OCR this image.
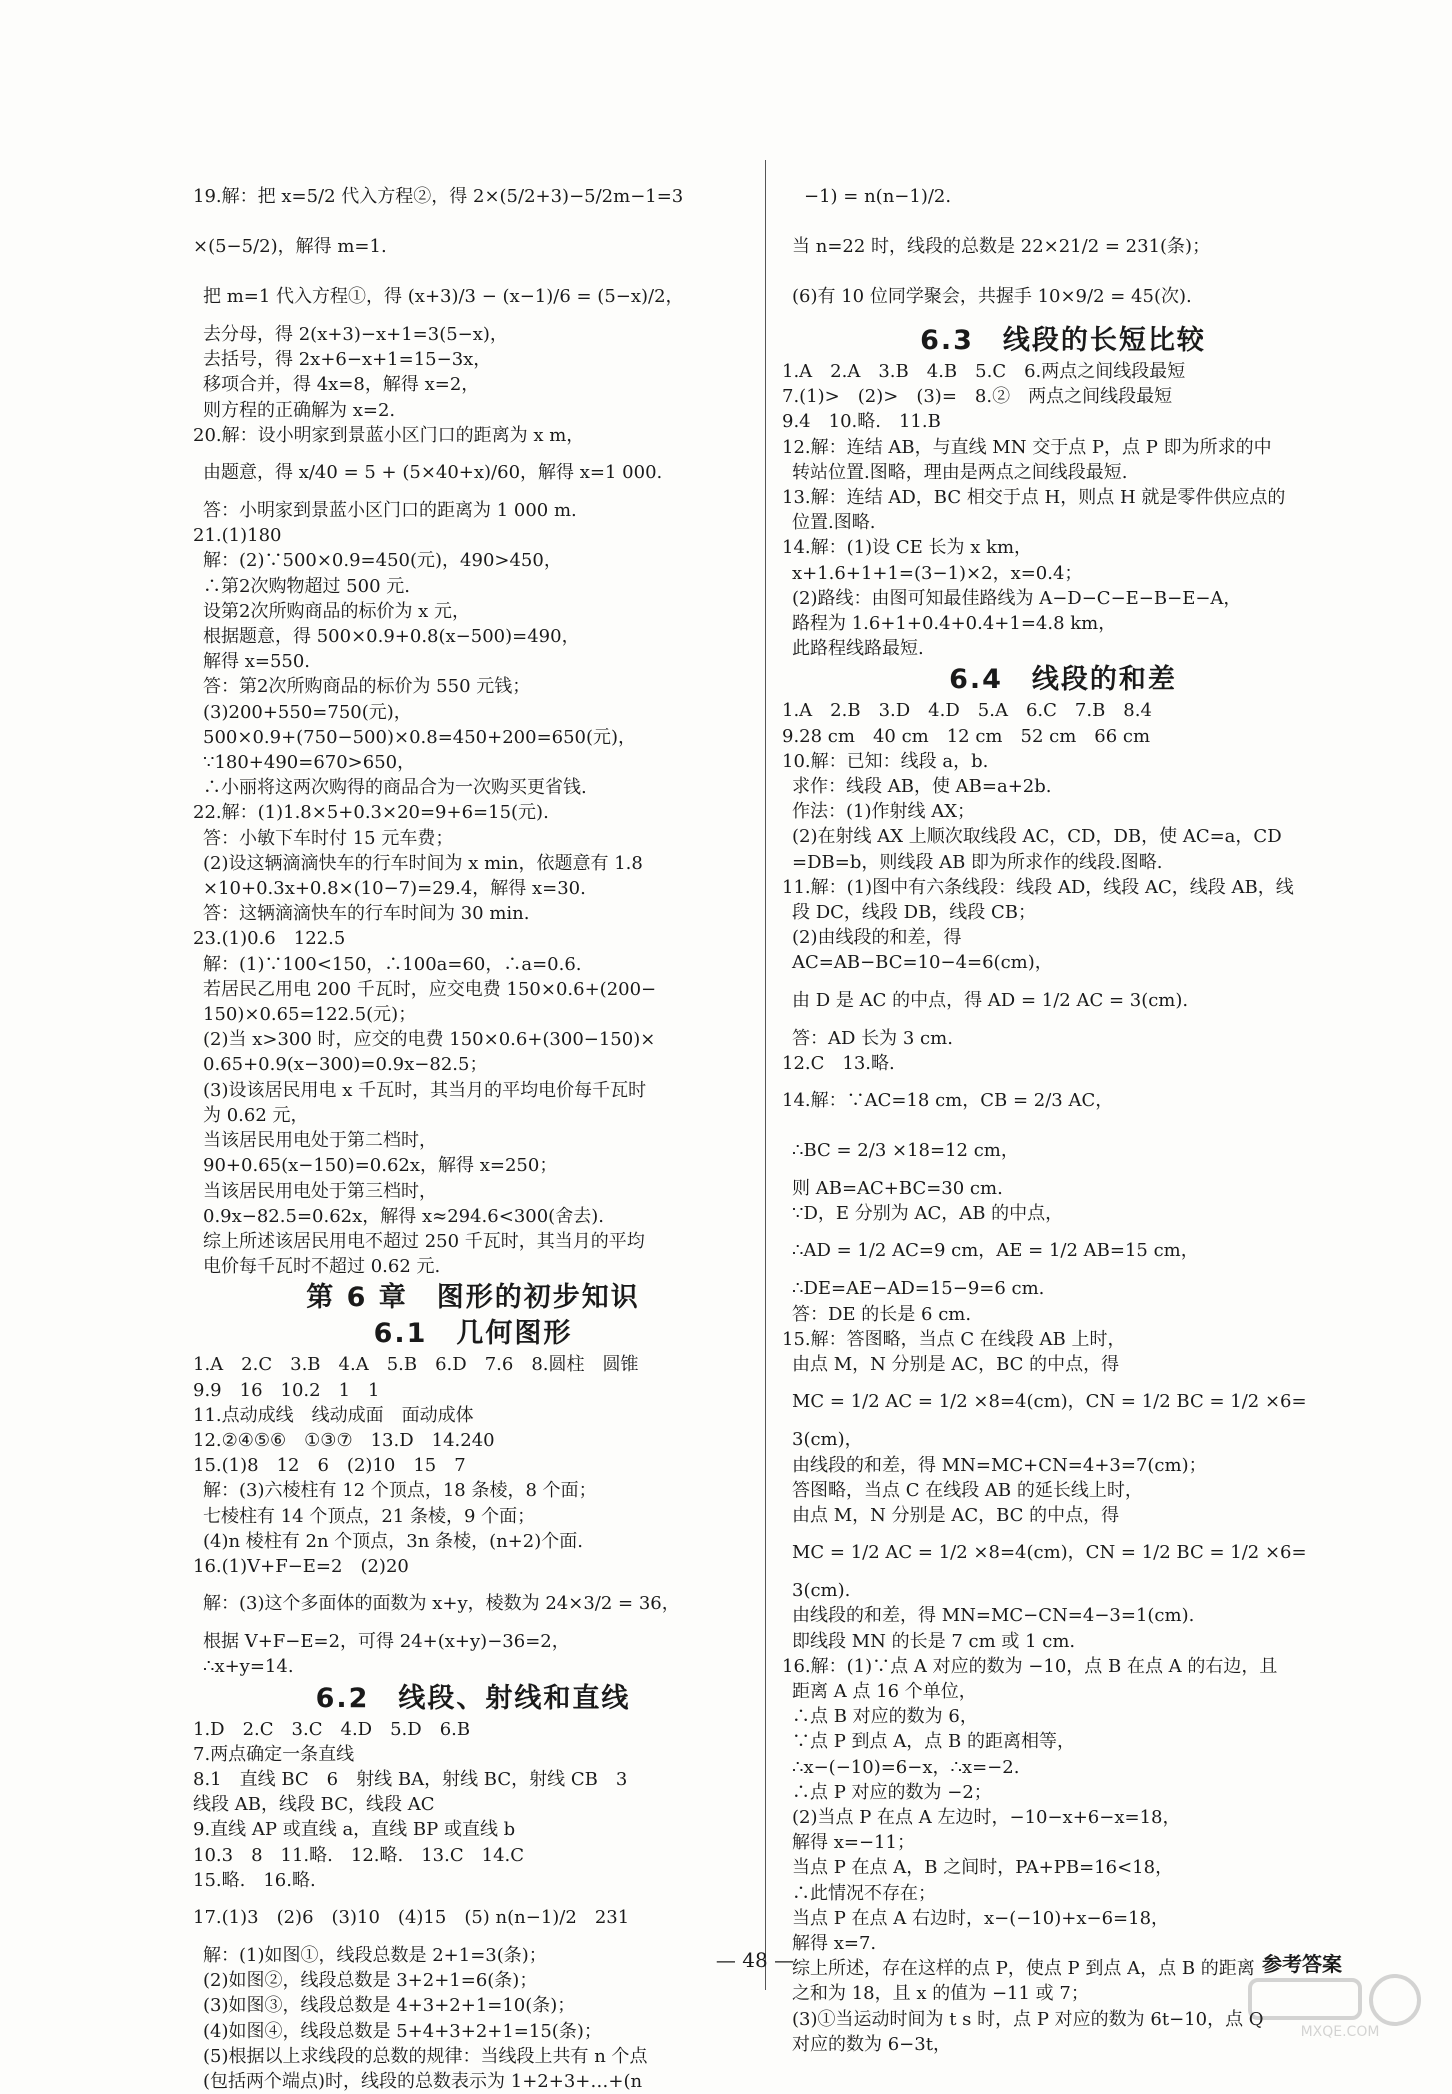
19.解：把 x=5/2 代入方程②，得 2×(5/2+3)−5/2m−1=3
×(5−5/2)，解得 m=1.
把 m=1 代入方程①，得 (x+3)/3 − (x−1)/6 = (5−x)/2，
去分母，得 2(x+3)−x+1=3(5−x)，
去括号，得 2x+6−x+1=15−3x，
移项合并，得 4x=8，解得 x=2，
则方程的正确解为 x=2.
20.解：设小明家到景蓝小区门口的距离为 x m，
由题意，得 x/40 = 5 + (5×40+x)/60，解得 x=1 000.
答：小明家到景蓝小区门口的距离为 1 000 m.
21.(1)180
解：(2)∵500×0.9=450(元)，490>450，
∴第2次购物超过 500 元.
设第2次所购商品的标价为 x 元，
根据题意，得 500×0.9+0.8(x−500)=490，
解得 x=550.
答：第2次所购商品的标价为 550 元钱；
(3)200+550=750(元)，
500×0.9+(750−500)×0.8=450+200=650(元)，
∵180+490=670>650，
∴小丽将这两次购得的商品合为一次购买更省钱.
22.解：(1)1.8×5+0.3×20=9+6=15(元).
答：小敏下车时付 15 元车费；
(2)设这辆滴滴快车的行车时间为 x min，依题意有 1.8
×10+0.3x+0.8×(10−7)=29.4，解得 x=30.
答：这辆滴滴快车的行车时间为 30 min.
23.(1)0.6　122.5
解：(1)∵100<150，∴100a=60，∴a=0.6.
若居民乙用电 200 千瓦时，应交电费 150×0.6+(200−
150)×0.65=122.5(元)；
(2)当 x>300 时，应交的电费 150×0.6+(300−150)×
0.65+0.9(x−300)=0.9x−82.5；
(3)设该居民用电 x 千瓦时，其当月的平均电价每千瓦时
为 0.62 元，
当该居民用电处于第二档时，
90+0.65(x−150)=0.62x，解得 x=250；
当该居民用电处于第三档时，
0.9x−82.5=0.62x，解得 x≈294.6<300(舍去).
综上所述该居民用电不超过 250 千瓦时，其当月的平均
电价每千瓦时不超过 0.62 元.
第 6 章　图形的初步知识
6.1　几何图形
1.A　2.C　3.B　4.A　5.B　6.D　7.6　8.圆柱　圆锥
9.9　16　10.2　1　1
11.点动成线　线动成面　面动成体
12.②④⑤⑥　①③⑦　13.D　14.240
15.(1)8　12　6　(2)10　15　7
解：(3)六棱柱有 12 个顶点，18 条棱，8 个面；
七棱柱有 14 个顶点，21 条棱，9 个面；
(4)n 棱柱有 2n 个顶点，3n 条棱，(n+2)个面.
16.(1)V+F−E=2　(2)20
解：(3)这个多面体的面数为 x+y，棱数为 24×3/2 = 36，
根据 V+F−E=2，可得 24+(x+y)−36=2，
∴x+y=14.
6.2　线段、射线和直线
1.D　2.C　3.C　4.D　5.D　6.B
7.两点确定一条直线
8.1　直线 BC　6　射线 BA，射线 BC，射线 CB　3
线段 AB，线段 BC，线段 AC
9.直线 AP 或直线 a，直线 BP 或直线 b
10.3　8　11.略.　12.略.　13.C　14.C
15.略.　16.略.
17.(1)3　(2)6　(3)10　(4)15　(5) n(n−1)/2　231
解：(1)如图①，线段总数是 2+1=3(条)；
(2)如图②，线段总数是 3+2+1=6(条)；
(3)如图③，线段总数是 4+3+2+1=10(条)；
(4)如图④，线段总数是 5+4+3+2+1=15(条)；
(5)根据以上求线段的总数的规律：当线段上共有 n 个点
(包括两个端点)时，线段的总数表示为 1+2+3+…+(n
−1) = n(n−1)/2.
当 n=22 时，线段的总数是 22×21/2 = 231(条)；
(6)有 10 位同学聚会，共握手 10×9/2 = 45(次).
6.3　线段的长短比较
1.A　2.A　3.B　4.B　5.C　6.两点之间线段最短
7.(1)>　(2)>　(3)=　8.②　两点之间线段最短
9.4　10.略.　11.B
12.解：连结 AB，与直线 MN 交于点 P，点 P 即为所求的中
转站位置.图略，理由是两点之间线段最短.
13.解：连结 AD，BC 相交于点 H，则点 H 就是零件供应点的
位置.图略.
14.解：(1)设 CE 长为 x km，
x+1.6+1+1=(3−1)×2，x=0.4；
(2)路线：由图可知最佳路线为 A−D−C−E−B−E−A，
路程为 1.6+1+0.4+0.4+1=4.8 km，
此路程线路最短.
6.4　线段的和差
1.A　2.B　3.D　4.D　5.A　6.C　7.B　8.4
9.28 cm　40 cm　12 cm　52 cm　66 cm
10.解：已知：线段 a，b.
求作：线段 AB，使 AB=a+2b.
作法：(1)作射线 AX；
(2)在射线 AX 上顺次取线段 AC，CD，DB，使 AC=a，CD
=DB=b，则线段 AB 即为所求作的线段.图略.
11.解：(1)图中有六条线段：线段 AD，线段 AC，线段 AB，线
段 DC，线段 DB，线段 CB；
(2)由线段的和差，得
AC=AB−BC=10−4=6(cm)，
由 D 是 AC 的中点，得 AD = 1/2 AC = 3(cm).
答：AD 长为 3 cm.
12.C　13.略.
14.解：∵AC=18 cm，CB = 2/3 AC，
∴BC = 2/3 ×18=12 cm，
则 AB=AC+BC=30 cm.
∵D，E 分别为 AC，AB 的中点，
∴AD = 1/2 AC=9 cm，AE = 1/2 AB=15 cm，
∴DE=AE−AD=15−9=6 cm.
答：DE 的长是 6 cm.
15.解：答图略，当点 C 在线段 AB 上时，
由点 M，N 分别是 AC，BC 的中点，得
MC = 1/2 AC = 1/2 ×8=4(cm)，CN = 1/2 BC = 1/2 ×6=
3(cm)，
由线段的和差，得 MN=MC+CN=4+3=7(cm)；
答图略，当点 C 在线段 AB 的延长线上时，
由点 M，N 分别是 AC，BC 的中点，得
MC = 1/2 AC = 1/2 ×8=4(cm)，CN = 1/2 BC = 1/2 ×6=
3(cm).
由线段的和差，得 MN=MC−CN=4−3=1(cm).
即线段 MN 的长是 7 cm 或 1 cm.
16.解：(1)∵点 A 对应的数为 −10，点 B 在点 A 的右边，且
距离 A 点 16 个单位，
∴点 B 对应的数为 6，
∵点 P 到点 A，点 B 的距离相等，
∴x−(−10)=6−x，∴x=−2.
∴点 P 对应的数为 −2；
(2)当点 P 在点 A 左边时，−10−x+6−x=18，
解得 x=−11；
当点 P 在点 A，B 之间时，PA+PB=16<18，
∴此情况不存在；
当点 P 在点 A 右边时，x−(−10)+x−6=18，
解得 x=7.
综上所述，存在这样的点 P，使点 P 到点 A，点 B 的距离
之和为 18，且 x 的值为 −11 或 7；
(3)①当运动时间为 t s 时，点 P 对应的数为 6t−10，点 Q
对应的数为 6−3t，
— 48 —	参考答案
MXQE.COM
